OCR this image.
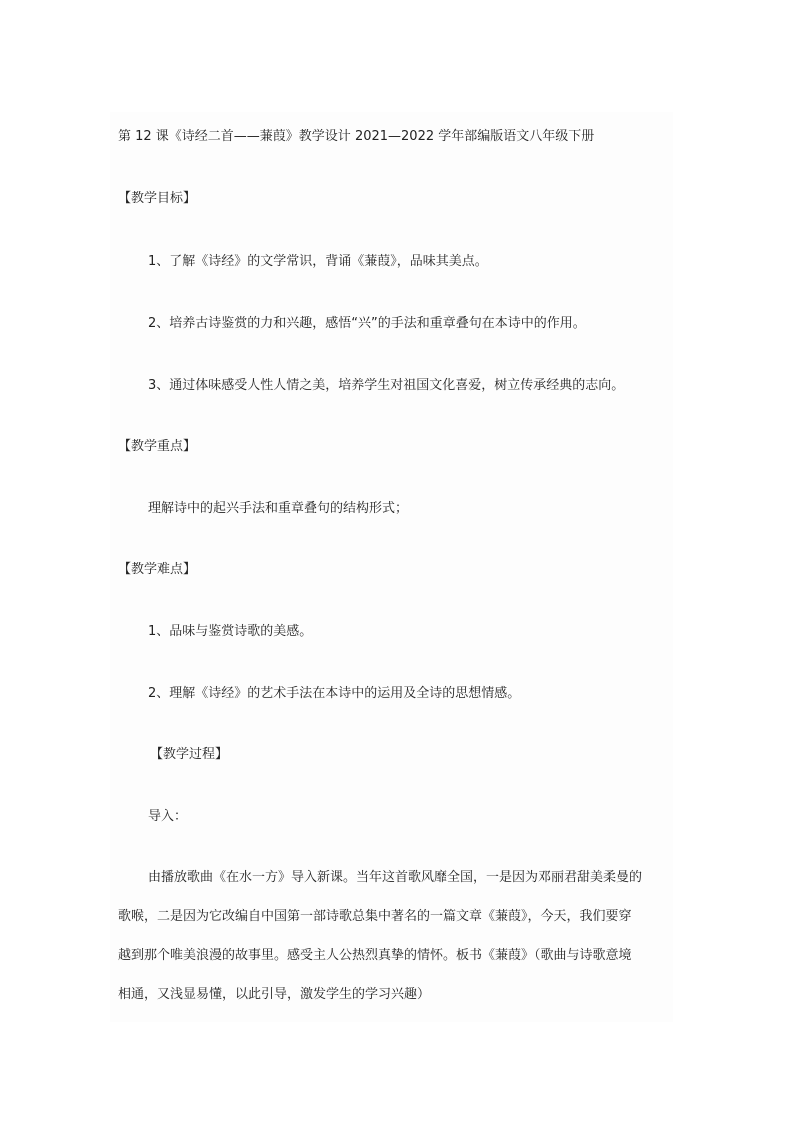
第 12 课《诗经二首——蒹葭》教学设计 2021—2022 学年部编版语文八年级下册
【教学目标】
1、了解《诗经》的文学常识，背诵《蒹葭》，品味其美点。
2、培养古诗鉴赏的力和兴趣，感悟“兴”的手法和重章叠句在本诗中的作用。
3、通过体味感受人性人情之美，培养学生对祖国文化喜爱，树立传承经典的志向。
【教学重点】
理解诗中的起兴手法和重章叠句的结构形式；
【教学难点】
1、品味与鉴赏诗歌的美感。
2、理解《诗经》的艺术手法在本诗中的运用及全诗的思想情感。
【教学过程】
导入：
由播放歌曲《在水一方》导入新课。当年这首歌风靡全国，一是因为邓丽君甜美柔曼的
歌喉，二是因为它改编自中国第一部诗歌总集中著名的一篇文章《蒹葭》，今天，我们要穿
越到那个唯美浪漫的故事里。感受主人公热烈真挚的情怀。板书《蒹葭》（歌曲与诗歌意境
相通，又浅显易懂，以此引导，激发学生的学习兴趣）
